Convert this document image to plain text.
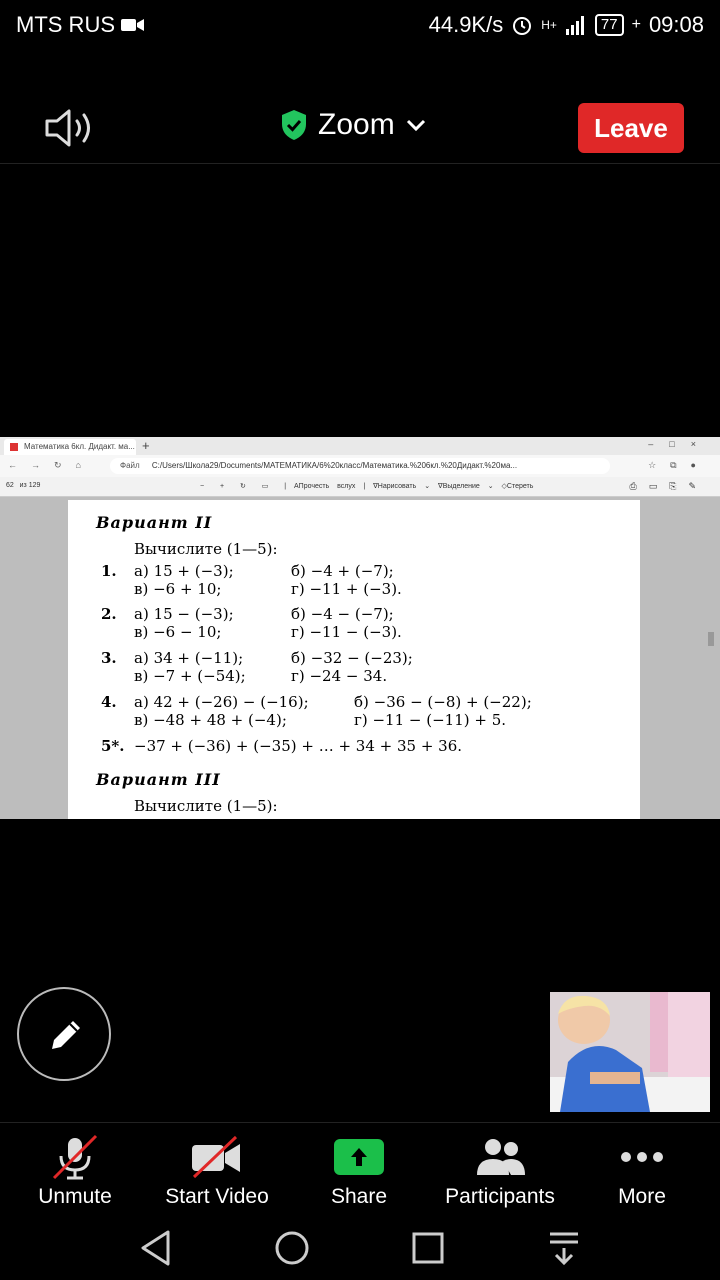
MTS RUS	44.9K/s	H+	77 + 09:08
Zoom	Leave
Математика 6кл. Дидакт. ма... +	–□×
←→↻⌂	Файл C:/Users/Школа29/Documents/МАТЕМАТИКА/6%20класс/Математика.%206кл.%20Дидакт.%20ма...	☆⧉●
62 из 129	−  +  ↻  ▭  | AПрочесть вслух | ∇Нарисовать ⌄ ∇Выделение ⌄ ◇Стереть	⎙▭⎘✎
Вариант II
Вычислите (1—5):
1. а) 15 + (−3);	б) −4 + (−7);
в) −6 + 10;	г) −11 + (−3).
2. а) 15 − (−3);	б) −4 − (−7);
в) −6 − 10;	г) −11 − (−3).
3. а) 34 + (−11);	б) −32 − (−23);
в) −7 + (−54);	г) −24 − 34.
4. а) 42 + (−26) − (−16);	б) −36 − (−8) + (−22);
в) −48 + 48 + (−4);	г) −11 − (−11) + 5.
5*. −37 + (−36) + (−35) + … + 34 + 35 + 36.
Вариант III
Вычислите (1—5):
Unmute	Start Video	Share	Participants	More
